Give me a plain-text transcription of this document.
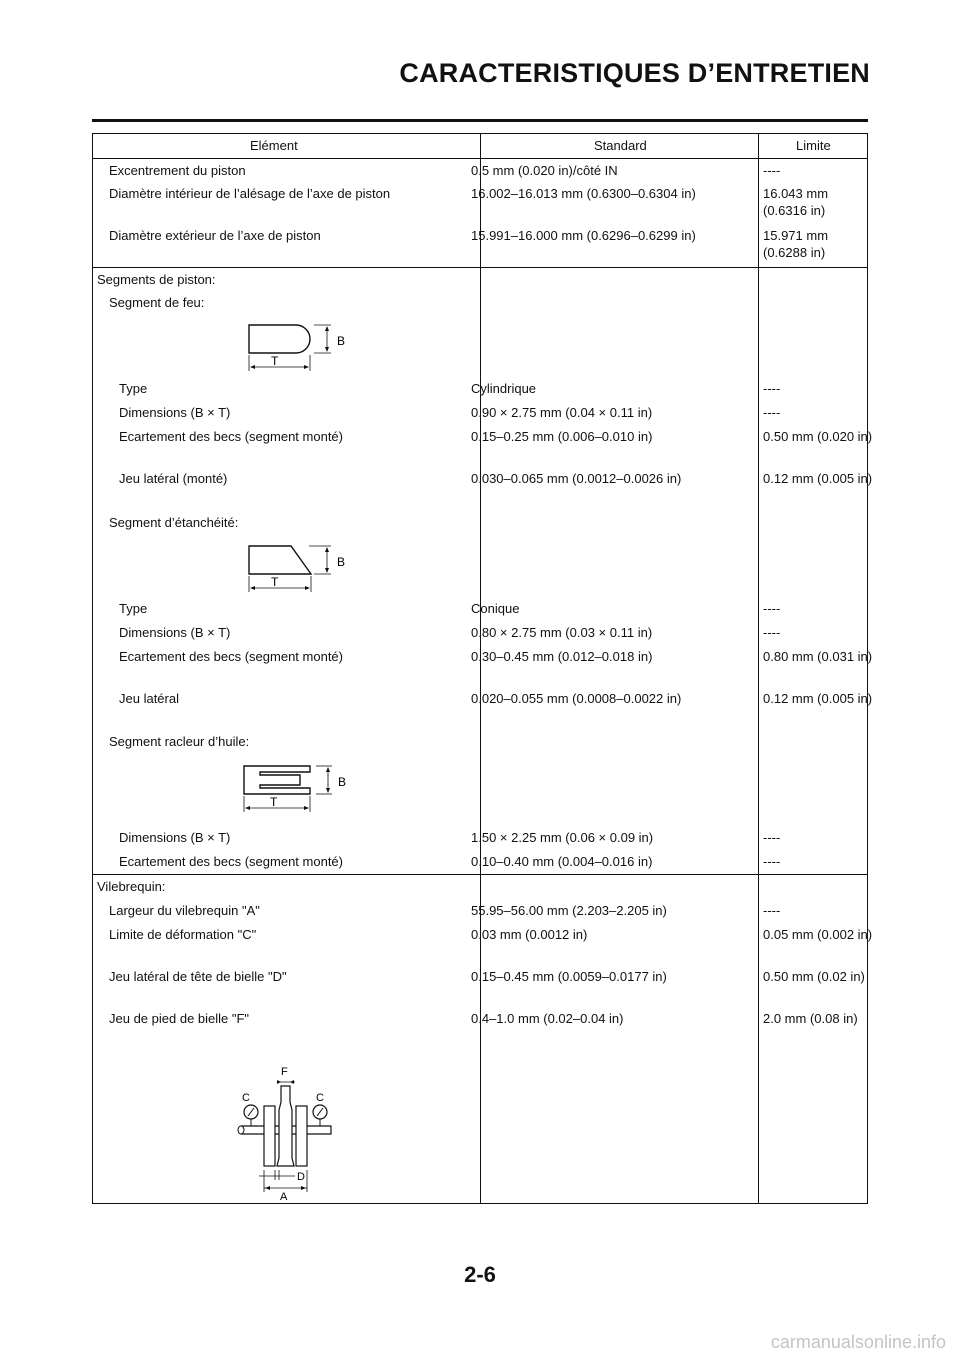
CARACTERISTIQUES D’ENTRETIEN
Elément	Standard	Limite
Excentrement du piston	0.5 mm (0.020 in)/côté IN	----
Diamètre intérieur de l’alésage de l’axe de piston	16.002–16.013 mm (0.6300–0.6304 in)	16.043 mm (0.6316 in)
Diamètre extérieur de l’axe de piston	15.991–16.000 mm (0.6296–0.6299 in)	15.971 mm (0.6288 in)
Segments de piston:
Segment de feu:
B
T
Type	Cylindrique	----
Dimensions (B × T)	0.90 × 2.75 mm (0.04 × 0.11 in)	----
Ecartement des becs (segment monté)	0.15–0.25 mm (0.006–0.010 in)	0.50 mm (0.020 in)
Jeu latéral (monté)	0.030–0.065 mm (0.0012–0.0026 in)	0.12 mm (0.005 in)
Segment d’étanchéité:
B
T
Type	Conique	----
Dimensions (B × T)	0.80 × 2.75 mm (0.03 × 0.11 in)	----
Ecartement des becs (segment monté)	0.30–0.45 mm (0.012–0.018 in)	0.80 mm (0.031 in)
Jeu latéral	0.020–0.055 mm (0.0008–0.0022 in)	0.12 mm (0.005 in)
Segment racleur d’huile:
B
T
Dimensions (B × T)	1.50 × 2.25 mm (0.06 × 0.09 in)	----
Ecartement des becs (segment monté)	0.10–0.40 mm (0.004–0.016 in)	----
Vilebrequin:
Largeur du vilebrequin "A"	55.95–56.00 mm (2.203–2.205 in)	----
Limite de déformation "C"	0.03 mm (0.0012 in)	0.05 mm (0.002 in)
Jeu latéral de tête de bielle "D"	0.15–0.45 mm (0.0059–0.0177 in)	0.50 mm (0.02 in)
Jeu de pied de bielle "F"	0.4–1.0 mm (0.02–0.04 in)	2.0 mm (0.08 in)
F
C	C
D
A
2-6
carmanualsonline.info
